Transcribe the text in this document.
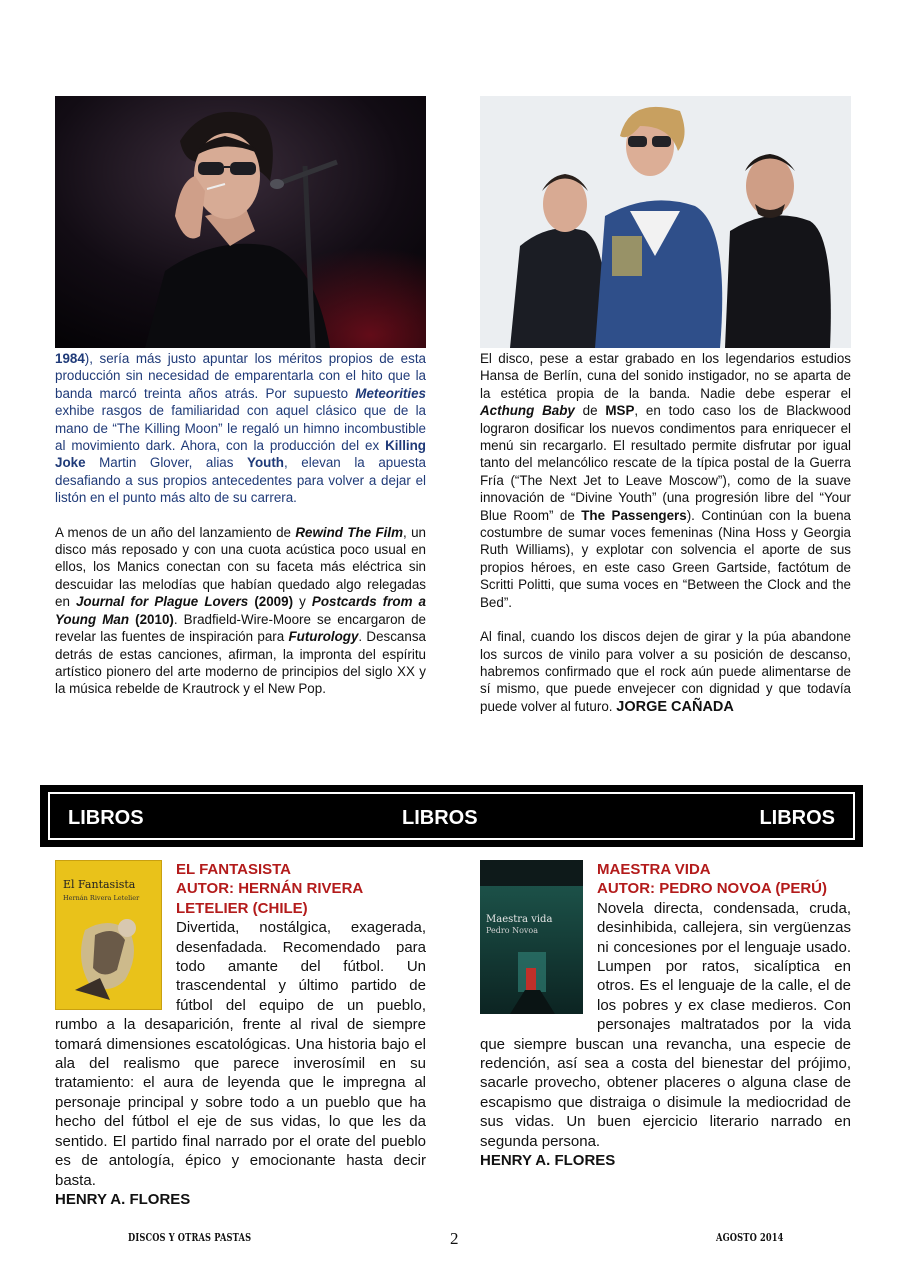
1984), sería más justo apuntar los méritos propios de esta producción sin necesidad de emparentarla con el hito que la banda marcó treinta años atrás. Por supuesto Meteorities exhibe rasgos de familiaridad con aquel clásico que de la mano de “The Killing Moon” le regaló un himno incombustible al movimiento dark. Ahora, con la producción del ex Killing Joke Martin Glover, alias Youth, elevan la apuesta desafiando a sus propios antecedentes para volver a dejar el listón en el punto más alto de su carrera.

A menos de un año del lanzamiento de Rewind The Film, un disco más reposado y con una cuota acústica poco usual en ellos, los Manics conectan con su faceta más eléctrica sin descuidar las melodías que habían quedado algo relegadas en Journal for Plague Lovers (2009) y Postcards from a Young Man (2010). Bradfield-Wire-Moore se encargaron de revelar las fuentes de inspiración para Futurology. Descansa detrás de estas canciones, afirman, la impronta del espíritu artístico pionero del arte moderno de principios del siglo XX y la música rebelde de Krautrock y el New Pop.

El disco, pese a estar grabado en los legendarios estudios Hansa de Berlín, cuna del sonido instigador, no se aparta de la estética propia de la banda. Nadie debe esperar el Acthung Baby de MSP, en todo caso los de Blackwood lograron dosificar los nuevos condimentos para enriquecer el menú sin recargarlo. El resultado permite disfrutar por igual tanto del melancólico rescate de la típica postal de la Guerra Fría (“The Next Jet to Leave Moscow”), como de la suave innovación de “Divine Youth” (una progresión libre del “Your Blue Room” de The Passengers). Continúan con la buena costumbre de sumar voces femeninas (Nina Hoss y Georgia Ruth Williams), y explotar con solvencia el aporte de sus propios héroes, en este caso Green Gartside, factótum de Scritti Politti, que suma voces en “Between the Clock and the Bed”.

Al final, cuando los discos dejen de girar y la púa abandone los surcos de vinilo para volver a su posición de descanso, habremos confirmado que el rock aún puede alimentarse de sí mismo, que puede envejecer con dignidad y que todavía puede volver al futuro. JORGE CAÑADA

LIBROS	LIBROS	LIBROS
El Fantasista
Hernán Rivera Letelier

EL FANTASISTA

AUTOR: HERNÁN RIVERA LETELIER (CHILE)

Divertida, nostálgica, exagerada, desenfadada. Recomendado para todo amante del fútbol. Un trascendental y último partido de fútbol del equipo de un pueblo, rumbo a la desaparición, frente al rival de siempre tomará dimensiones escatológicas. Una historia bajo el ala del realismo que parece inverosímil en su tratamiento: el aura de leyenda que le impregna al personaje principal y sobre todo a un pueblo que ha hecho del fútbol el eje de sus vidas, lo que les da sentido. El partido final narrado por el orate del pueblo es de antología, épico y emocionante hasta decir basta.

HENRY A. FLORES

Maestra vida
Pedro Novoa

MAESTRA VIDA

AUTOR: PEDRO NOVOA (PERÚ)

Novela directa, condensada, cruda, desinhibida, callejera, sin vergüenzas ni concesiones por el lenguaje usado. Lumpen por ratos, sicalíptica en otros. Es el lenguaje de la calle, el de los pobres y ex clase medieros. Con personajes maltratados por la vida que siempre buscan una revancha, una especie de redención, así sea a costa del bienestar del prójimo, sacarle provecho, obtener placeres o alguna clase de escapismo que distraiga o disimule la mediocridad de sus vidas. Un buen ejercicio literario narrado en segunda persona.

HENRY A. FLORES

DISCOS Y OTRAS PASTAS	2	AGOSTO 2014
